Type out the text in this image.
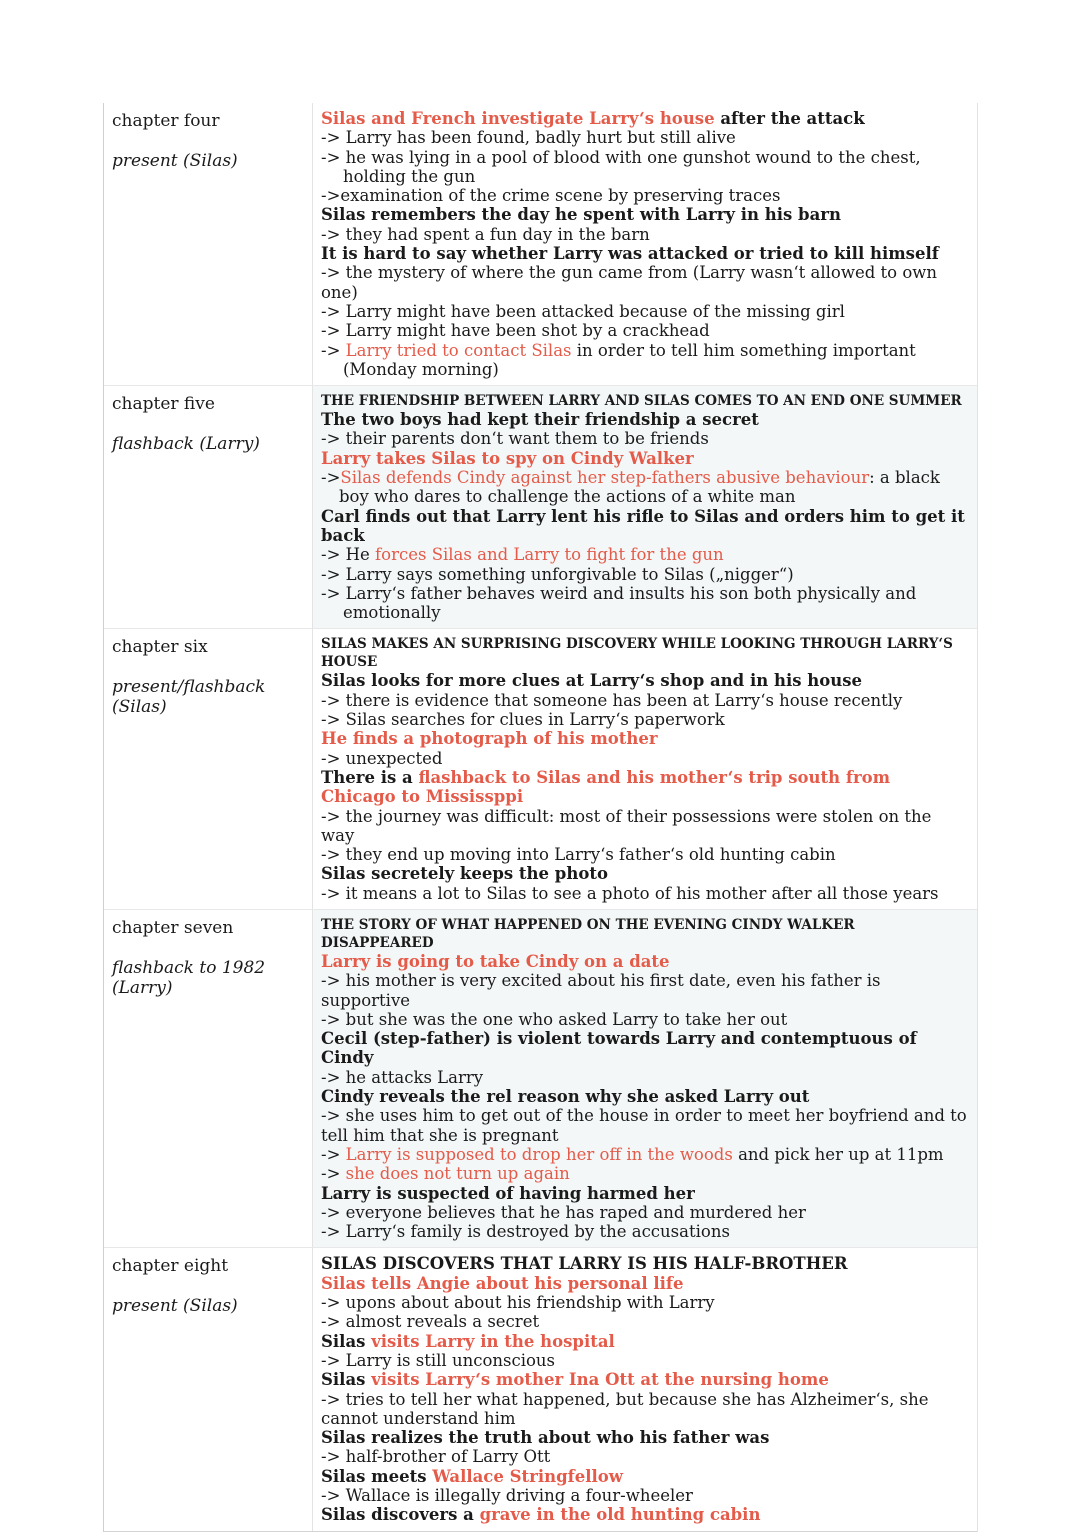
chapter four
present (Silas)

Silas and French investigate Larry‘s house after the attack

-> Larry has been found, badly hurt but still alive

-> he was lying in a pool of blood with one gunshot wound to the chest, holding the gun

->examination of the crime scene by preserving traces

Silas remembers the day he spent with Larry in his barn

-> they had spent a fun day in the barn

It is hard to say whether Larry was attacked or tried to kill himself

-> the mystery of where the gun came from (Larry wasn‘t allowed to own one)

-> Larry might have been attacked because of the missing girl

-> Larry might have been shot by a crackhead

-> Larry tried to contact Silas in order to tell him something important (Monday morning)

chapter five
flashback (Larry)

THE FRIENDSHIP BETWEEN LARRY AND SILAS COMES TO AN END ONE SUMMER

The two boys had kept their friendship a secret

-> their parents don‘t want them to be friends

Larry takes Silas to spy on Cindy Walker

->Silas defends Cindy against her step-fathers abusive behaviour: a black boy who dares to challenge the actions of a white man

Carl finds out that Larry lent his rifle to Silas and orders him to get it back

-> He forces Silas and Larry to fight for the gun

-> Larry says something unforgivable to Silas („nigger“)

-> Larry‘s father behaves weird and insults his son both physically and emotionally

chapter six
present/flashback (Silas)

SILAS MAKES AN SURPRISING DISCOVERY WHILE LOOKING THROUGH LARRY‘S HOUSE

Silas looks for more clues at Larry‘s shop and in his house

-> there is evidence that someone has been at Larry‘s house recently

-> Silas searches for clues in Larry‘s paperwork

He finds a photograph of his mother

-> unexpected

There is a flashback to Silas and his mother‘s trip south from Chicago to Mississppi

-> the journey was difficult: most of their possessions were stolen on the way

-> they end up moving into Larry‘s father‘s old hunting cabin

Silas secretely keeps the photo

-> it means a lot to Silas to see a photo of his mother after all those years

chapter seven
flashback to 1982 (Larry)

THE STORY OF WHAT HAPPENED ON THE EVENING CINDY WALKER DISAPPEARED

Larry is going to take Cindy on a date

-> his mother is very excited about his first date, even his father is supportive

-> but she was the one who asked Larry to take her out

Cecil (step-father) is violent towards Larry and contemptuous of Cindy

-> he attacks Larry

Cindy reveals the rel reason why she asked Larry out

-> she uses him to get out of the house in order to meet her boyfriend and to tell him that she is pregnant

-> Larry is supposed to drop her off in the woods and pick her up at 11pm

-> she does not turn up again

Larry is suspected of having harmed her

-> everyone believes that he has raped and murdered her

-> Larry‘s family is destroyed by the accusations

chapter eight
present (Silas)

SILAS DISCOVERS THAT LARRY IS HIS HALF-BROTHER

Silas tells Angie about his personal life

-> upons about about his friendship with Larry

-> almost reveals a secret

Silas visits Larry in the hospital

-> Larry is still unconscious

Silas visits Larry‘s mother Ina Ott at the nursing home

-> tries to tell her what happened, but because she has Alzheimer‘s, she cannot understand him

Silas realizes the truth about who his father was

-> half-brother of Larry Ott

Silas meets Wallace Stringfellow

-> Wallace is illegally driving a four-wheeler

Silas discovers a grave in the old hunting cabin
